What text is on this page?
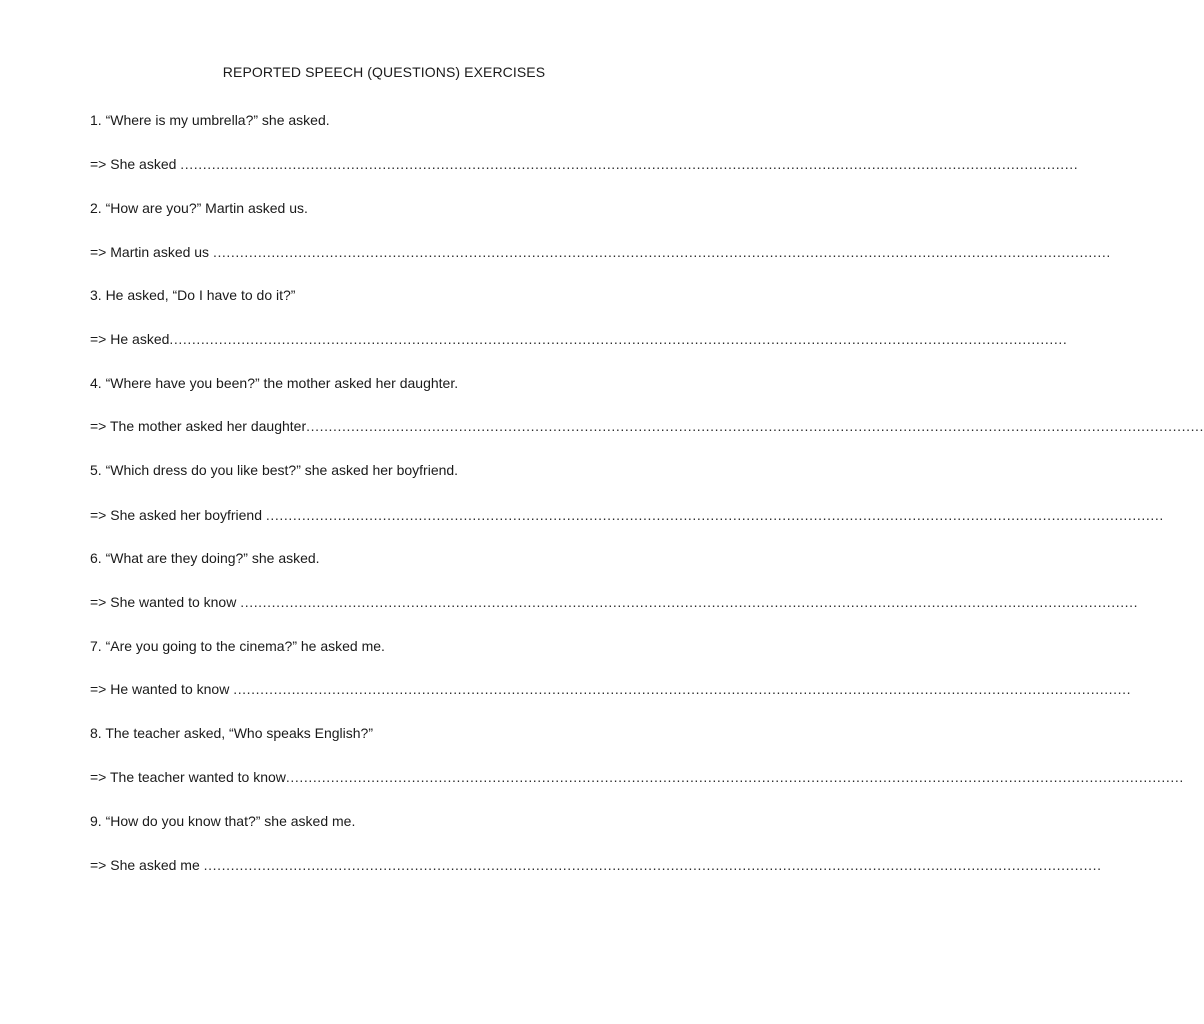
REPORTED SPEECH (QUESTIONS) EXERCISES
1. “Where is my umbrella?” she asked.
=> She asked ........................................................................................................................................................................................................
2. “How are you?” Martin asked us.
=> Martin asked us ........................................................................................................................................................................................................
3. He asked, “Do I have to do it?”
=> He asked ........................................................................................................................................................................................................
4. “Where have you been?” the mother asked her daughter.
=> The mother asked her daughter ........................................................................................................................................................................................................
5. “Which dress do you like best?” she asked her boyfriend.
=> She asked her boyfriend ........................................................................................................................................................................................................
6. “What are they doing?” she asked.
=> She wanted to know ........................................................................................................................................................................................................
7. “Are you going to the cinema?” he asked me.
=> He wanted to know ........................................................................................................................................................................................................
8. The teacher asked, “Who speaks English?”
=> The teacher wanted to know ........................................................................................................................................................................................................
9. “How do you know that?” she asked me.
=> She asked me ........................................................................................................................................................................................................
